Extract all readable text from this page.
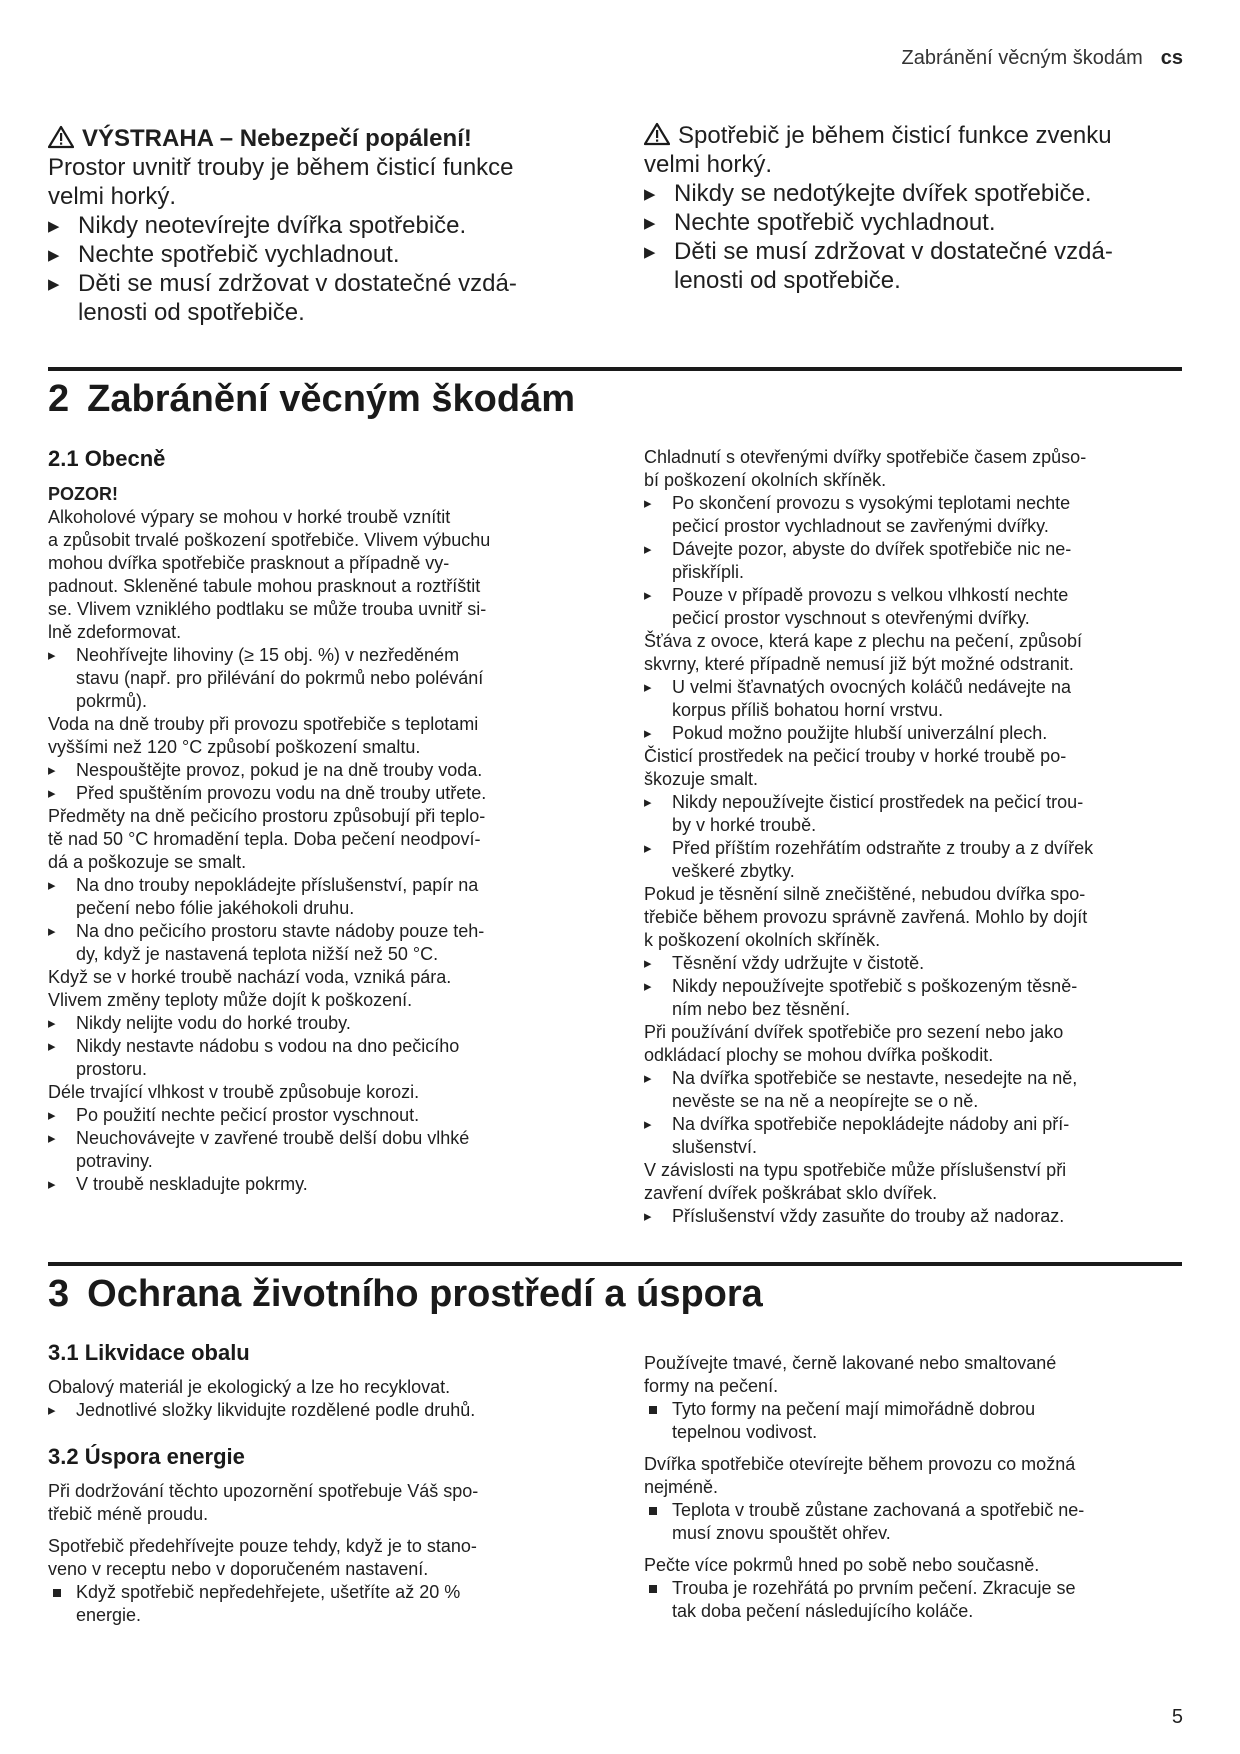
Zabránění věcným škodám cs
VÝSTRAHA – Nebezpečí popálení!
Prostor uvnitř trouby je během čisticí funkce
velmi horký.
▸ Nikdy neotevírejte dvířka spotřebiče.
▸ Nechte spotřebič vychladnout.
▸ Děti se musí zdržovat v dostatečné vzdá-
lenosti od spotřebiče.
Spotřebič je během čisticí funkce zvenku
velmi horký.
▸ Nikdy se nedotýkejte dvířek spotřebiče.
▸ Nechte spotřebič vychladnout.
▸ Děti se musí zdržovat v dostatečné vzdá-
lenosti od spotřebiče.
2 Zabránění věcným škodám
2.1 Obecně
POZOR!
Alkoholové výpary se mohou v horké troubě vznítit
a způsobit trvalé poškození spotřebiče. Vlivem výbuchu
mohou dvířka spotřebiče prasknout a případně vy-
padnout. Skleněné tabule mohou prasknout a roztříštit
se. Vlivem vzniklého podtlaku se může trouba uvnitř si-
lně zdeformovat.
▸ Neohřívejte lihoviny (≥ 15 obj. %) v nezředěném
stavu (např. pro přilévání do pokrmů nebo polévání
pokrmů).
Voda na dně trouby při provozu spotřebiče s teplotami
vyššími než 120 °C způsobí poškození smaltu.
▸ Nespouštějte provoz, pokud je na dně trouby voda.
▸ Před spuštěním provozu vodu na dně trouby utřete.
Předměty na dně pečicího prostoru způsobují při teplo-
tě nad 50 °C hromadění tepla. Doba pečení neodpoví-
dá a poškozuje se smalt.
▸ Na dno trouby nepokládejte příslušenství, papír na
pečení nebo fólie jakéhokoli druhu.
▸ Na dno pečicího prostoru stavte nádoby pouze teh-
dy, když je nastavená teplota nižší než 50 °C.
Když se v horké troubě nachází voda, vzniká pára.
Vlivem změny teploty může dojít k poškození.
▸ Nikdy nelijte vodu do horké trouby.
▸ Nikdy nestavte nádobu s vodou na dno pečicího
prostoru.
Déle trvající vlhkost v troubě způsobuje korozi.
▸ Po použití nechte pečicí prostor vyschnout.
▸ Neuchovávejte v zavřené troubě delší dobu vlhké
potraviny.
▸ V troubě neskladujte pokrmy.
Chladnutí s otevřenými dvířky spotřebiče časem způso-
bí poškození okolních skříněk.
▸ Po skončení provozu s vysokými teplotami nechte
pečicí prostor vychladnout se zavřenými dvířky.
▸ Dávejte pozor, abyste do dvířek spotřebiče nic ne-
přiskřípli.
▸ Pouze v případě provozu s velkou vlhkostí nechte
pečicí prostor vyschnout s otevřenými dvířky.
Šťáva z ovoce, která kape z plechu na pečení, způsobí
skvrny, které případně nemusí již být možné odstranit.
▸ U velmi šťavnatých ovocných koláčů nedávejte na
korpus příliš bohatou horní vrstvu.
▸ Pokud možno použijte hlubší univerzální plech.
Čisticí prostředek na pečicí trouby v horké troubě po-
škozuje smalt.
▸ Nikdy nepoužívejte čisticí prostředek na pečicí trou-
by v horké troubě.
▸ Před příštím rozehřátím odstraňte z trouby a z dvířek
veškeré zbytky.
Pokud je těsnění silně znečištěné, nebudou dvířka spo-
třebiče během provozu správně zavřená. Mohlo by dojít
k poškození okolních skříněk.
▸ Těsnění vždy udržujte v čistotě.
▸ Nikdy nepoužívejte spotřebič s poškozeným těsně-
ním nebo bez těsnění.
Při používání dvířek spotřebiče pro sezení nebo jako
odkládací plochy se mohou dvířka poškodit.
▸ Na dvířka spotřebiče se nestavte, nesedejte na ně,
nevěste se na ně a neopírejte se o ně.
▸ Na dvířka spotřebiče nepokládejte nádoby ani pří-
slušenství.
V závislosti na typu spotřebiče může příslušenství při
zavření dvířek poškrábat sklo dvířek.
▸ Příslušenství vždy zasuňte do trouby až nadoraz.
3 Ochrana životního prostředí a úspora
3.1 Likvidace obalu
Obalový materiál je ekologický a lze ho recyklovat.
▸ Jednotlivé složky likvidujte rozdělené podle druhů.
3.2 Úspora energie
Při dodržování těchto upozornění spotřebuje Váš spo-
třebič méně proudu.
Spotřebič předehřívejte pouze tehdy, když je to stano-
veno v receptu nebo v doporučeném nastavení.
Když spotřebič nepředehřejete, ušetříte až 20 %
energie.
Používejte tmavé, černě lakované nebo smaltované
formy na pečení.
Tyto formy na pečení mají mimořádně dobrou
tepelnou vodivost.
Dvířka spotřebiče otevírejte během provozu co možná
nejméně.
Teplota v troubě zůstane zachovaná a spotřebič ne-
musí znovu spouštět ohřev.
Pečte více pokrmů hned po sobě nebo současně.
Trouba je rozehřátá po prvním pečení. Zkracuje se
tak doba pečení následujícího koláče.
5
